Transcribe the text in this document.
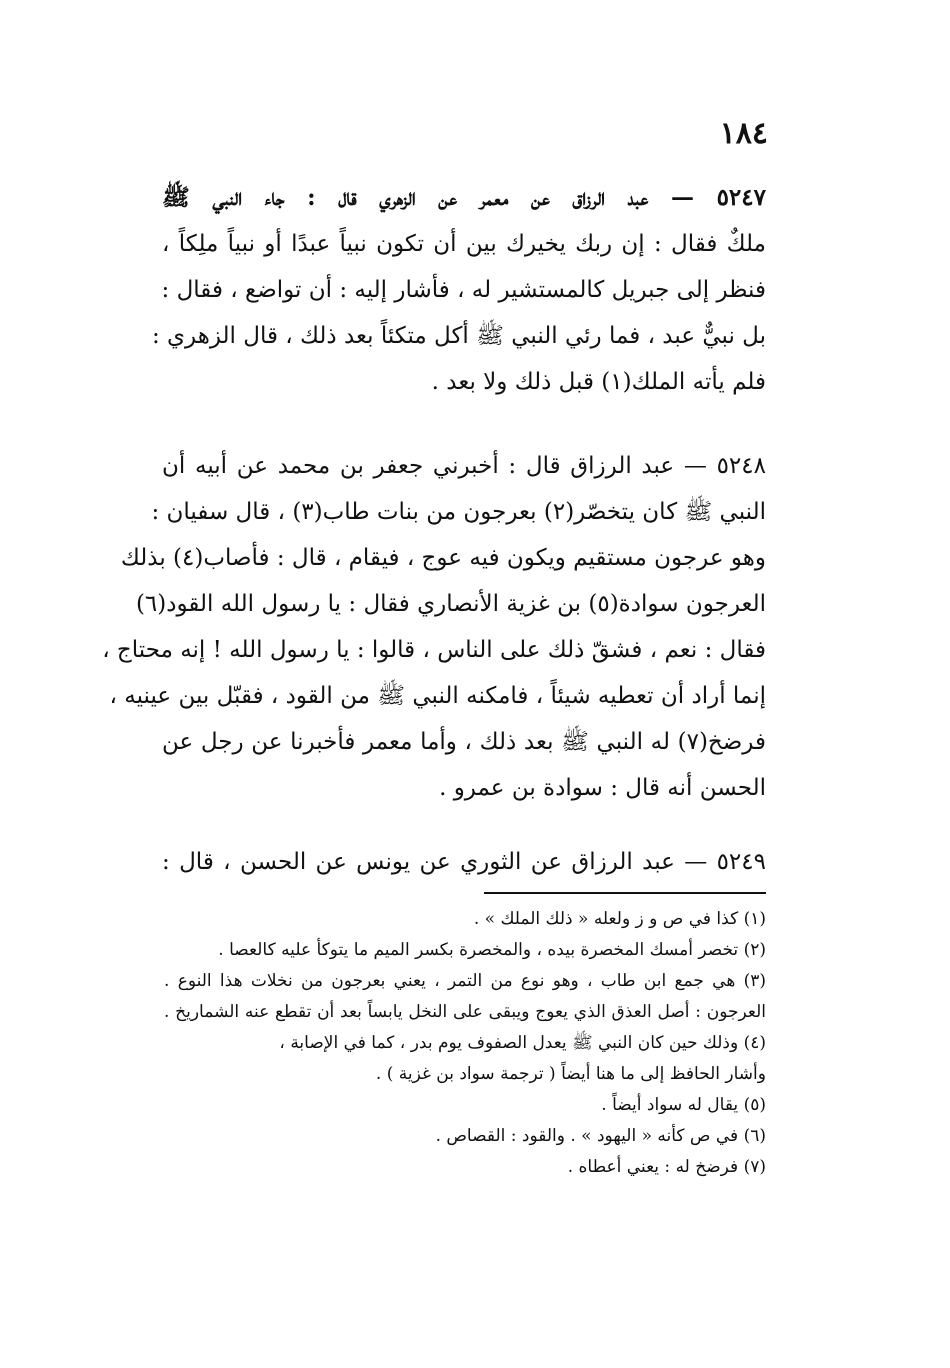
١٨٤
٥٢٤٧ — عبد الرزاق عن معمر عن الزهري قال : جاء النبي ﷺ
ملكٌ فقال : إن ربك يخيرك بين أن تكون نبياً عبدًا أو نبياً ملِكاً ،
فنظر إلى جبريل كالمستشير له ، فأشار إليه : أن تواضع ، فقال :
بل نبيٌّ عبد ، فما رئي النبي ﷺ أكل متكئاً بعد ذلك ، قال الزهري :
فلم يأته الملك(١) قبل ذلك ولا بعد .
٥٢٤٨ — عبد الرزاق قال : أخبرني جعفر بن محمد عن أبيه أن
النبي ﷺ كان يتخصّر(٢) بعرجون من بنات طاب(٣) ، قال سفيان :
وهو عرجون مستقيم ويكون فيه عوج ، فيقام ، قال : فأصاب(٤) بذلك
العرجون سوادة(٥) بن غزية الأنصاري فقال : يا رسول الله القود(٦)
فقال : نعم ، فشقّ ذلك على الناس ، قالوا : يا رسول الله ! إنه محتاج ،
إنما أراد أن تعطيه شيئاً ، فامكنه النبي ﷺ من القود ، فقبّل بين عينيه ،
فرضخ(٧) له النبي ﷺ بعد ذلك ، وأما معمر فأخبرنا عن رجل عن
الحسن أنه قال : سوادة بن عمرو .
٥٢٤٩ — عبد الرزاق عن الثوري عن يونس عن الحسن ، قال :
(١) كذا في ص و ز ولعله « ذلك الملك » .
(٢) تخصر أمسك المخصرة بيده ، والمخصرة بكسر الميم ما يتوكأ عليه كالعصا .
(٣) هي جمع ابن طاب ، وهو نوع من التمر ، يعني بعرجون من نخلات هذا النوع .
العرجون : أصل العذق الذي يعوج ويبقى على النخل يابساً بعد أن تقطع عنه الشماريخ .
(٤) وذلك حين كان النبي ﷺ يعدل الصفوف يوم بدر ، كما في الإصابة ،
وأشار الحافظ إلى ما هنا أيضاً ( ترجمة سواد بن غزية ) .
(٥) يقال له سواد أيضاً .
(٦) في ص كأنه « اليهود » . والقود : القصاص .
(٧) فرضخ له : يعني أعطاه .
